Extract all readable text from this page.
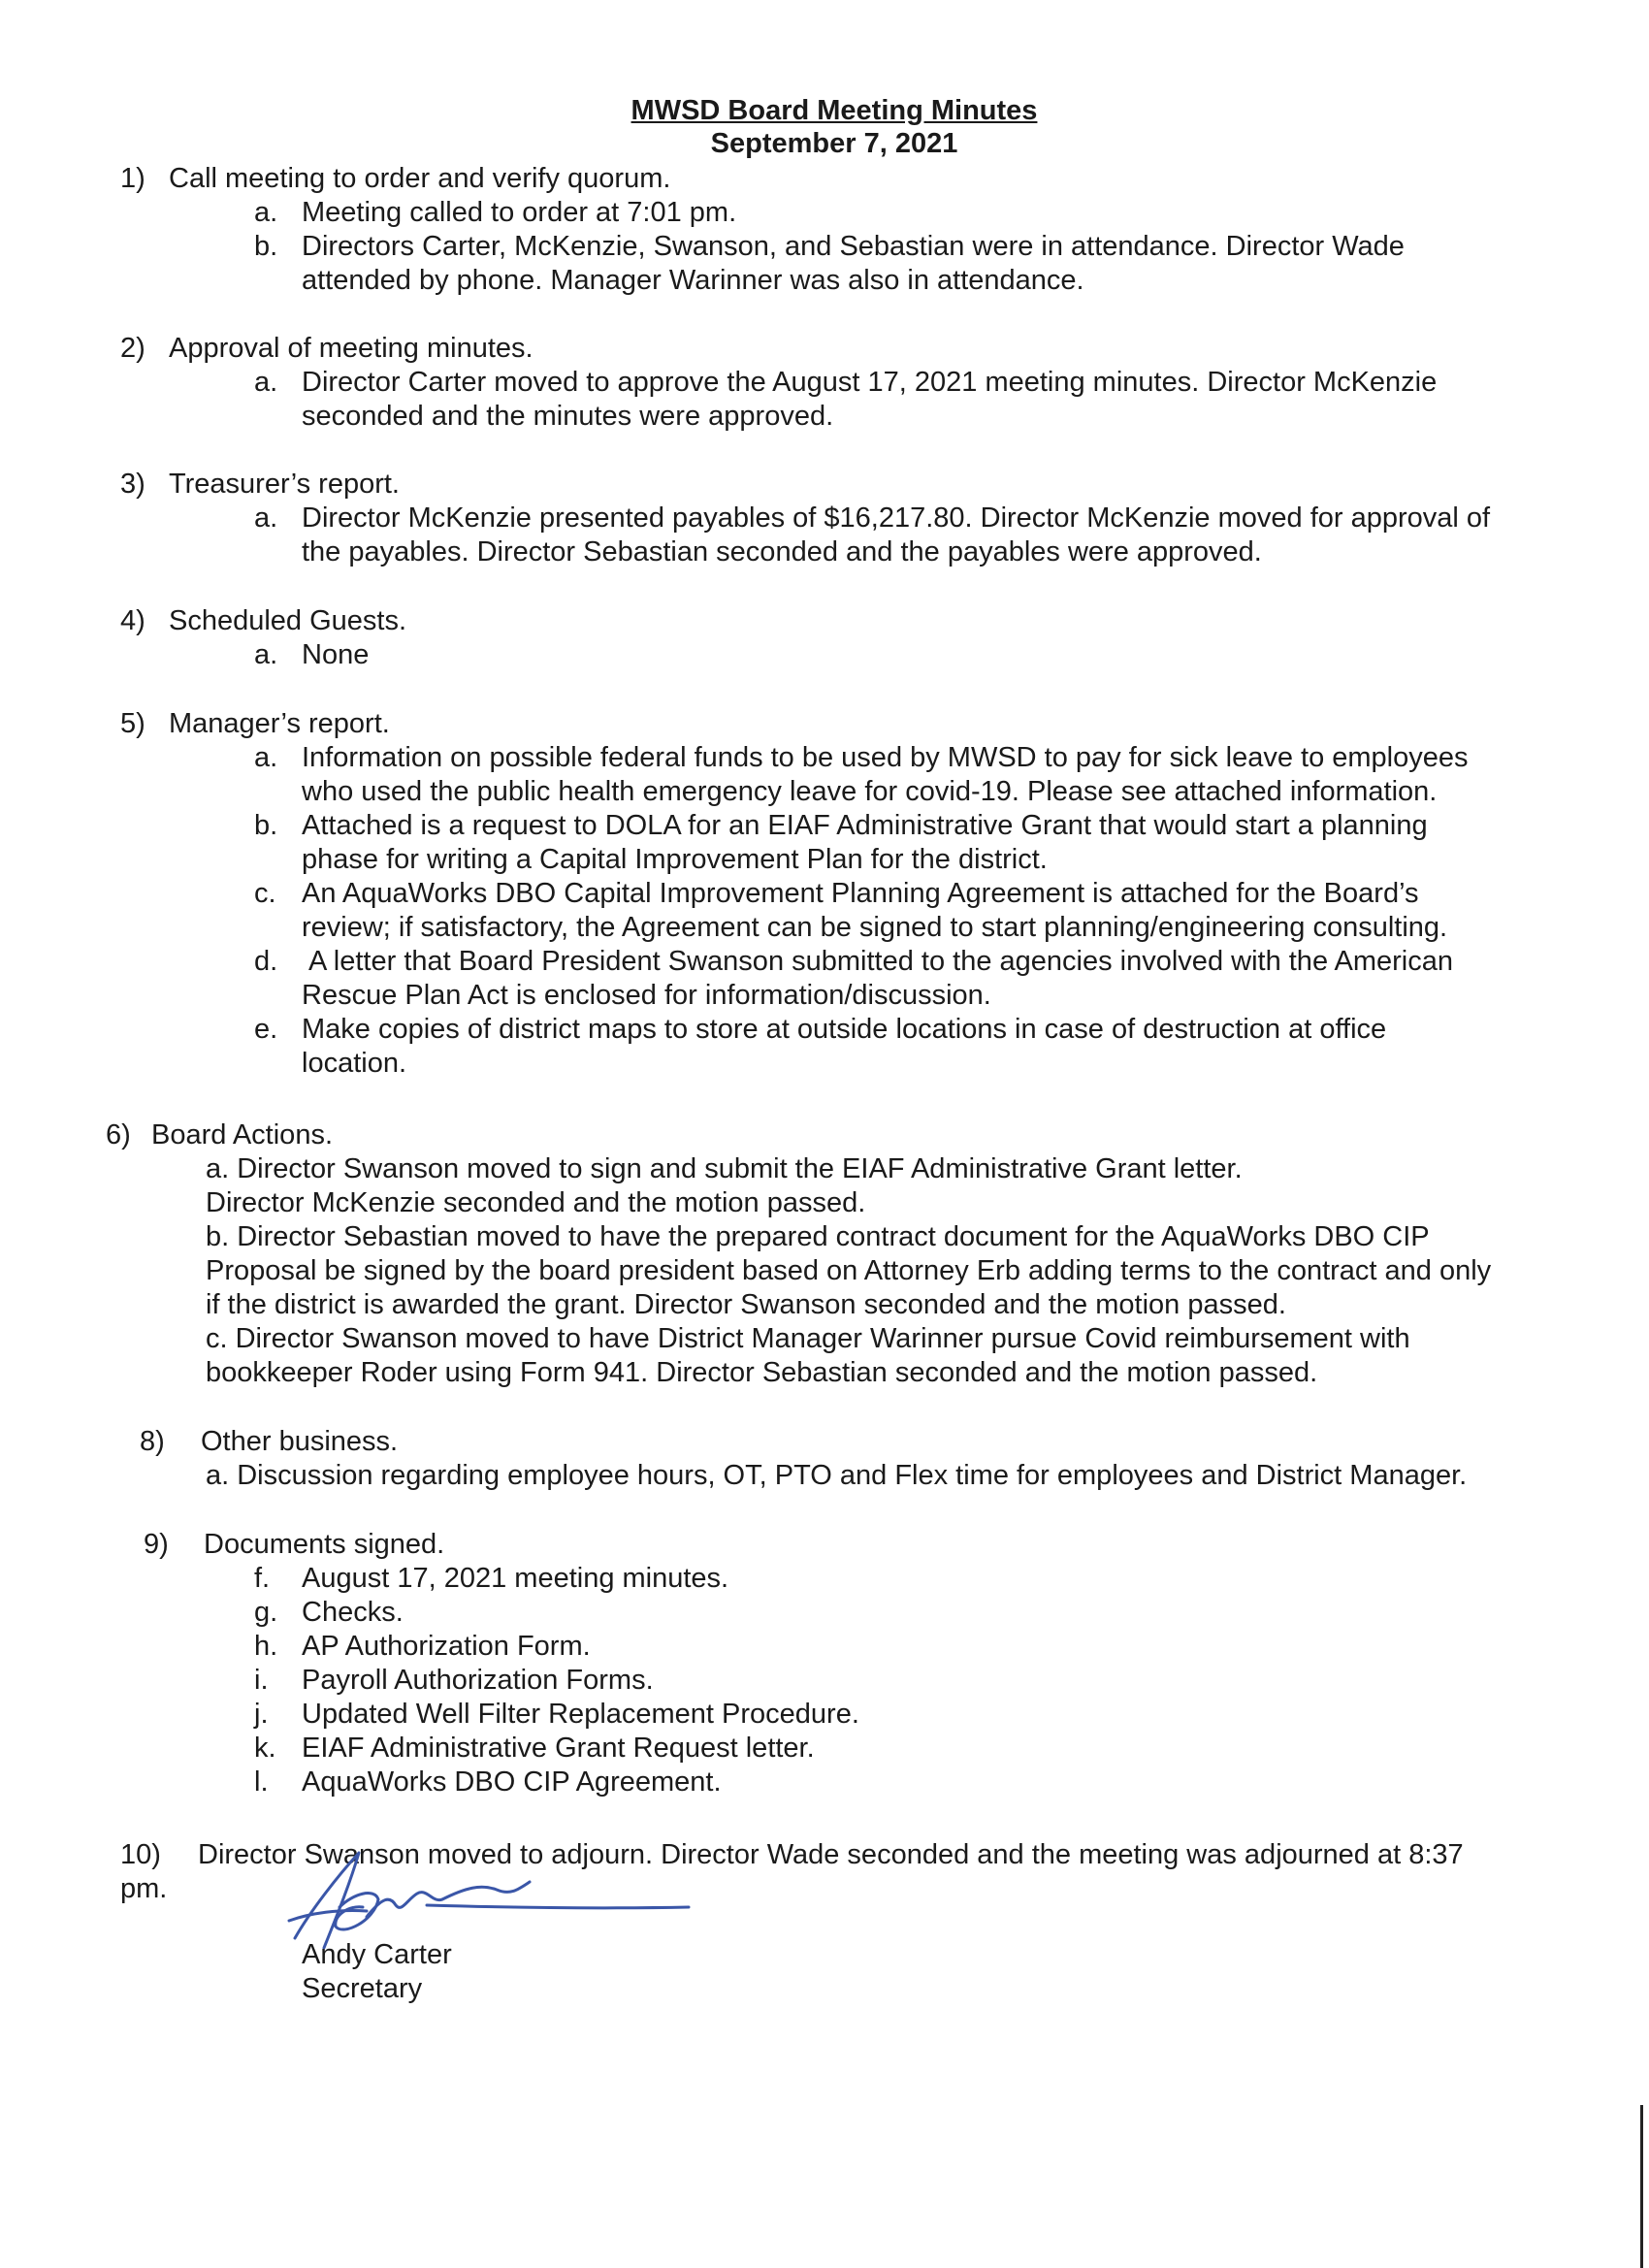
MWSD Board Meeting Minutes
September 7, 2021
1) Call meeting to order and verify quorum.
a. Meeting called to order at 7:01 pm.
b. Directors Carter, McKenzie, Swanson, and Sebastian were in attendance. Director Wade
attended by phone. Manager Warinner was also in attendance.
2) Approval of meeting minutes.
a. Director Carter moved to approve the August 17, 2021 meeting minutes. Director McKenzie
seconded and the minutes were approved.
3) Treasurer’s report.
a. Director McKenzie presented payables of $16,217.80. Director McKenzie moved for approval of
the payables. Director Sebastian seconded and the payables were approved.
4) Scheduled Guests.
a. None
5) Manager’s report.
a. Information on possible federal funds to be used by MWSD to pay for sick leave to employees
who used the public health emergency leave for covid-19. Please see attached information.
b. Attached is a request to DOLA for an EIAF Administrative Grant that would start a planning
phase for writing a Capital Improvement Plan for the district.
c. An AquaWorks DBO Capital Improvement Planning Agreement is attached for the Board’s
review; if satisfactory, the Agreement can be signed to start planning/engineering consulting.
d. A letter that Board President Swanson submitted to the agencies involved with the American
Rescue Plan Act is enclosed for information/discussion.
e. Make copies of district maps to store at outside locations in case of destruction at office
location.
6) Board Actions.
a. Director Swanson moved to sign and submit the EIAF Administrative Grant letter.
Director McKenzie seconded and the motion passed.
b. Director Sebastian moved to have the prepared contract document for the AquaWorks DBO CIP
Proposal be signed by the board president based on Attorney Erb adding terms to the contract and only
if the district is awarded the grant. Director Swanson seconded and the motion passed.
c. Director Swanson moved to have District Manager Warinner pursue Covid reimbursement with
bookkeeper Roder using Form 941. Director Sebastian seconded and the motion passed.
8) Other business.
a. Discussion regarding employee hours, OT, PTO and Flex time for employees and District Manager.
9) Documents signed.
f. August 17, 2021 meeting minutes.
g. Checks.
h. AP Authorization Form.
i. Payroll Authorization Forms.
j. Updated Well Filter Replacement Procedure.
k. EIAF Administrative Grant Request letter.
l. AquaWorks DBO CIP Agreement.
10) Director Swanson moved to adjourn. Director Wade seconded and the meeting was adjourned at 8:37
pm.
Andy Carter
Secretary
